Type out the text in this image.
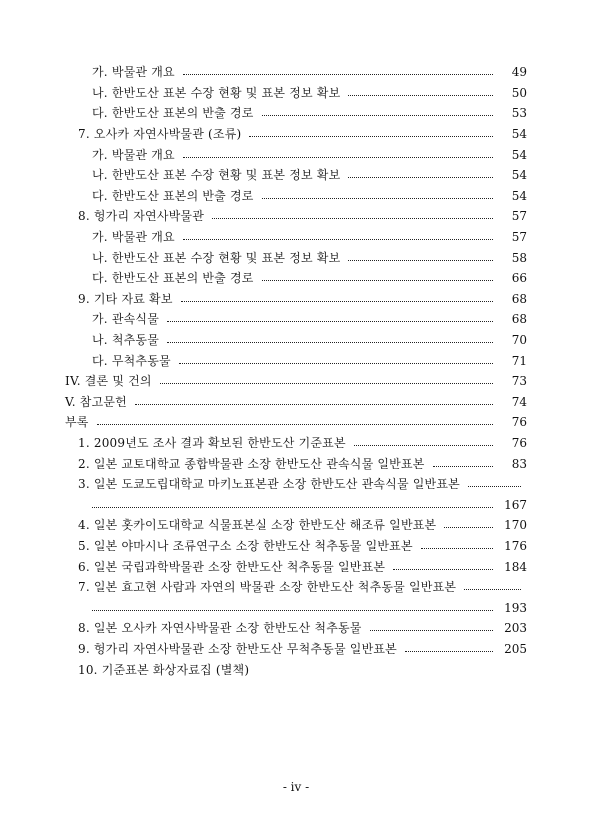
가. 박물관 개요	49
나. 한반도산 표본 수장 현황 및 표본 정보 확보	50
다. 한반도산 표본의 반출 경로	53
7. 오사카 자연사박물관 (조류)	54
가. 박물관 개요	54
나. 한반도산 표본 수장 현황 및 표본 정보 확보	54
다. 한반도산 표본의 반출 경로	54
8. 헝가리 자연사박물관	57
가. 박물관 개요	57
나. 한반도산 표본 수장 현황 및 표본 정보 확보	58
다. 한반도산 표본의 반출 경로	66
9. 기타 자료 확보	68
가. 관속식물	68
나. 척추동물	70
다. 무척추동물	71
IV. 결론 및 건의	73
V. 참고문헌	74
부록	76
1. 2009년도 조사 결과 확보된 한반도산 기준표본	76
2. 일본 교토대학교 종합박물관 소장 한반도산 관속식물 일반표본	83
3. 일본 도쿄도립대학교 마키노표본관 소장 한반도산 관속식물 일반표본
167
4. 일본 홋카이도대학교 식물표본실 소장 한반도산 해조류 일반표본	170
5. 일본 야마시나 조류연구소 소장 한반도산 척추동물 일반표본	176
6. 일본 국립과학박물관 소장 한반도산 척추동물 일반표본	184
7. 일본 효고현 사람과 자연의 박물관 소장 한반도산 척추동물 일반표본
193
8. 일본 오사카 자연사박물관 소장 한반도산 척추동물	203
9. 헝가리 자연사박물관 소장 한반도산 무척추동물 일반표본	205
10. 기준표본 화상자료집 (별책)
- iv -
